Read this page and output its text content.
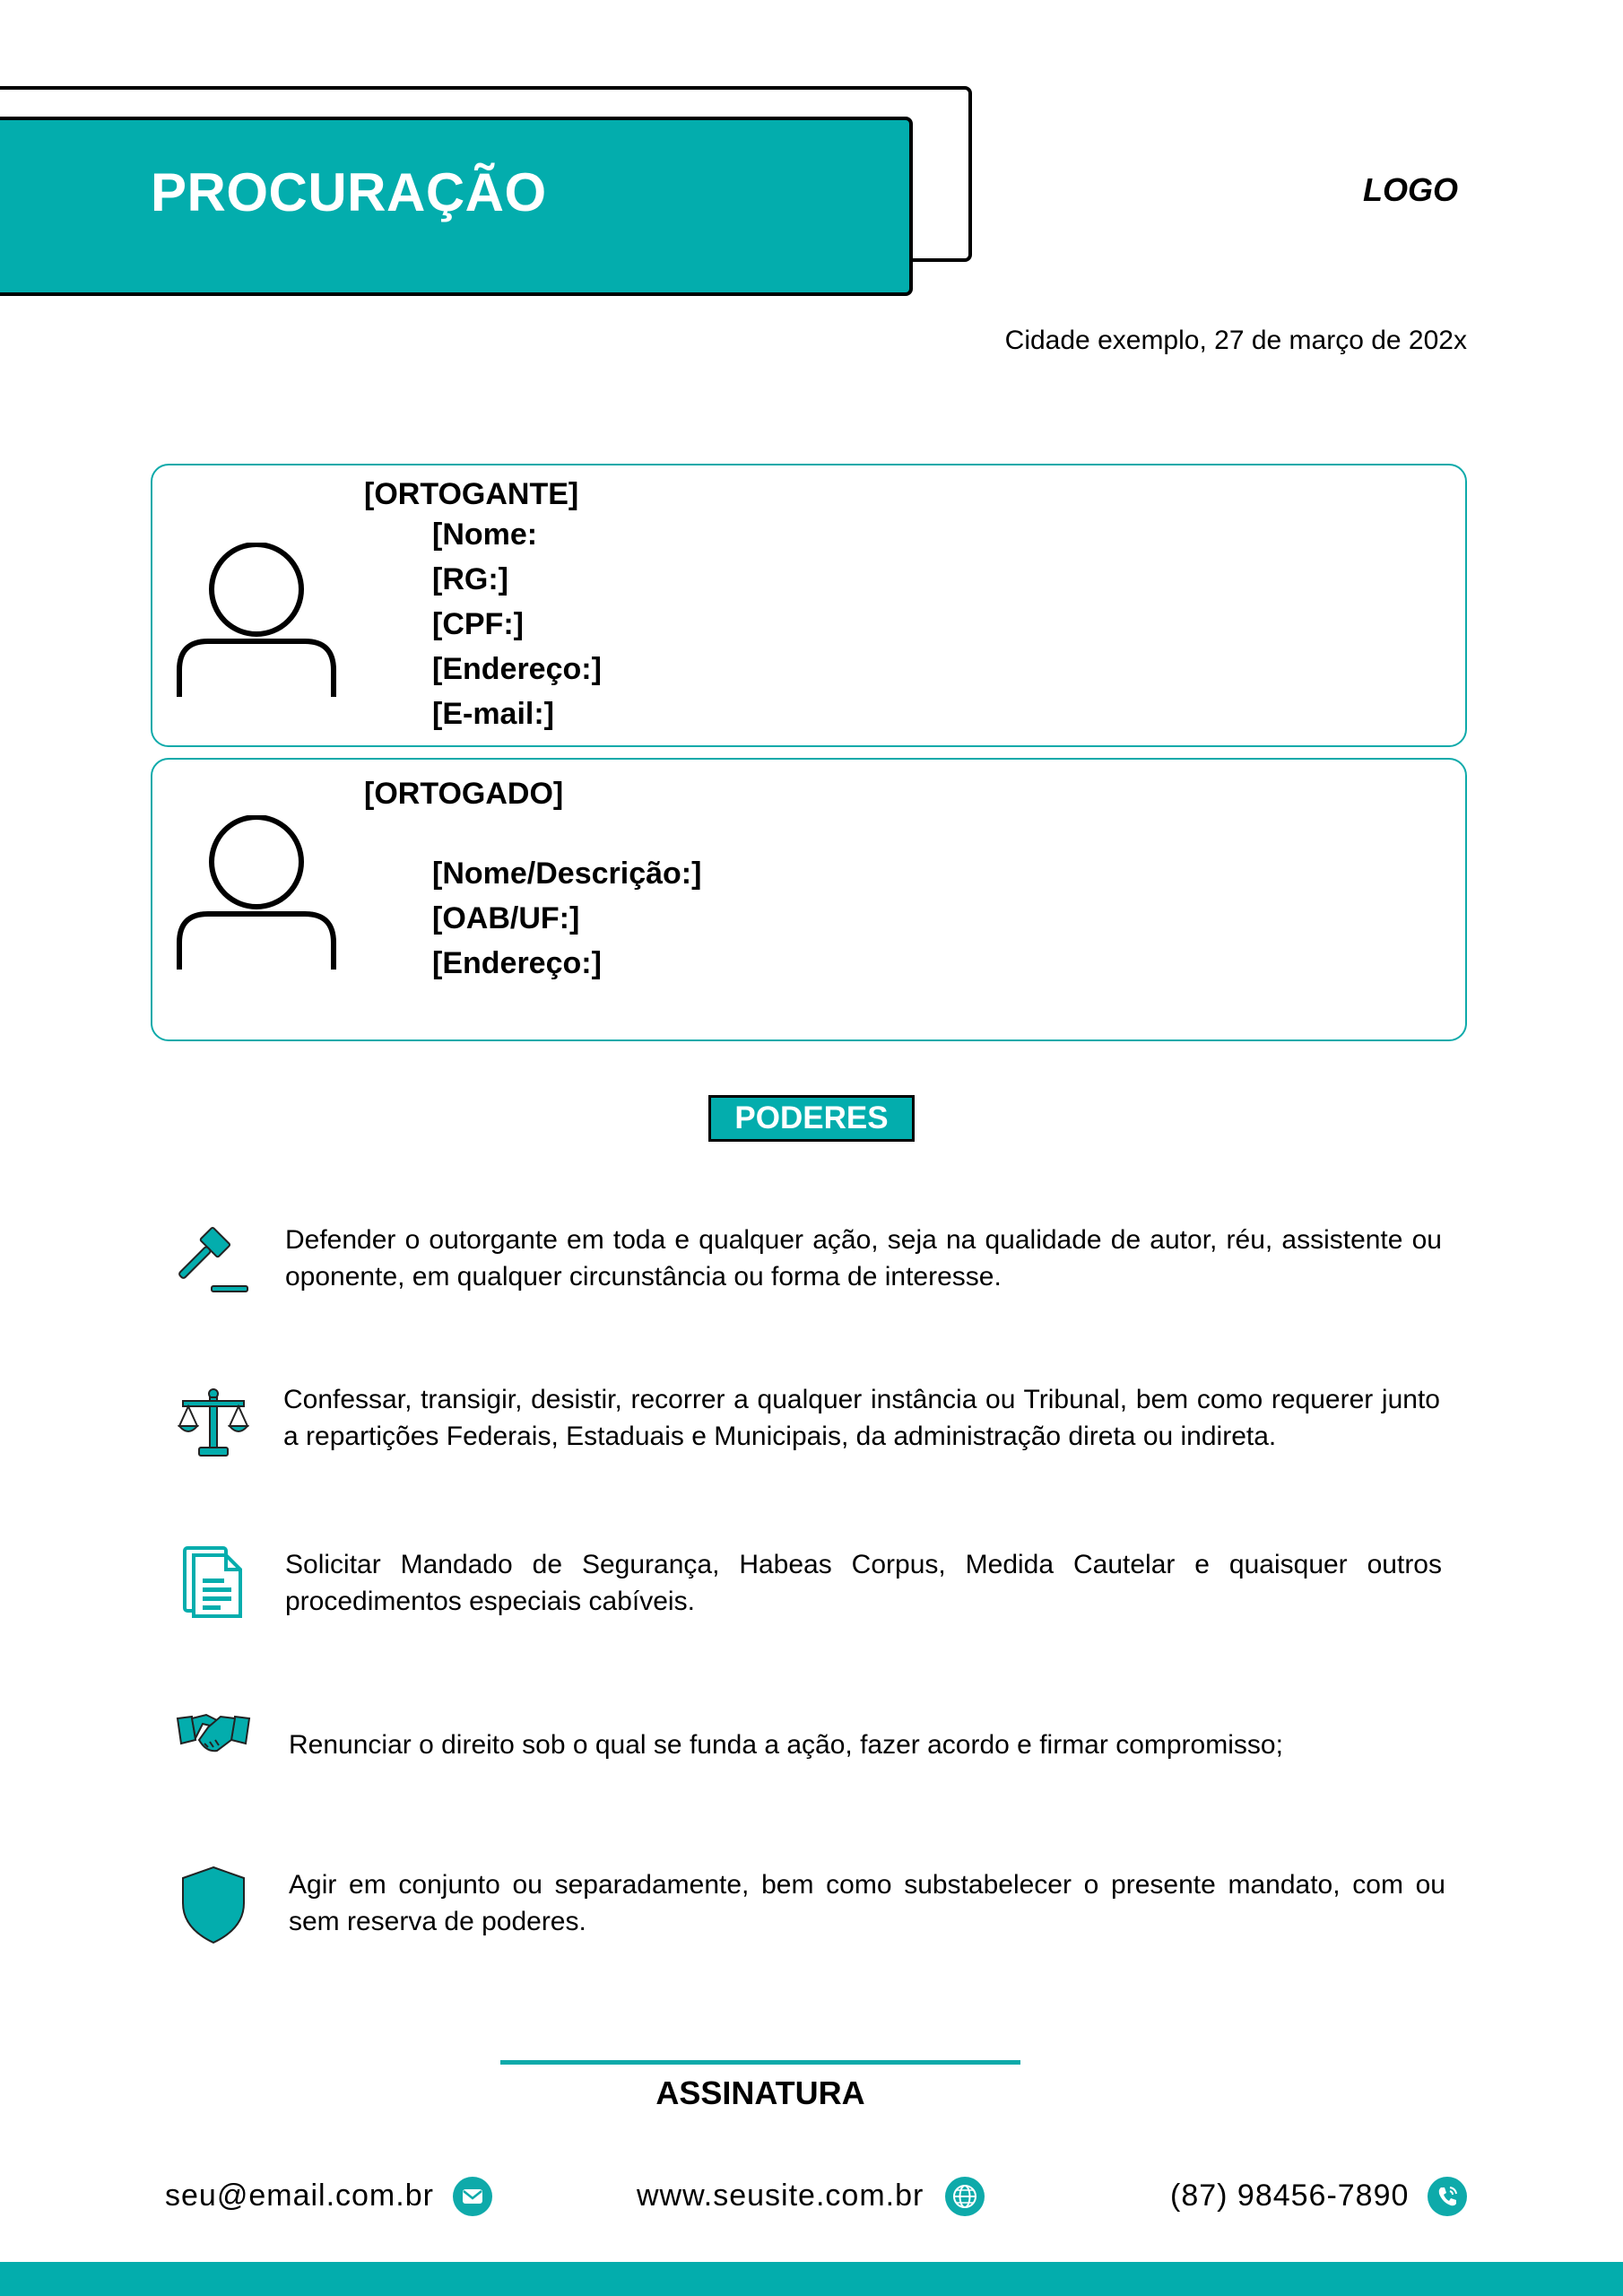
PROCURAÇÃO	LOGO
Cidade exemplo, 27 de março de 202x
[ORTOGANTE]
[Nome:
[RG:]
[CPF:]
[Endereço:]
[E-mail:]
[ORTOGADO]
[Nome/Descrição:]
[OAB/UF:]
[Endereço:]
PODERES
Defender o outorgante em toda e qualquer ação, seja na qualidade de autor, réu, assistente ou oponente, em qualquer circunstância ou forma de interesse.
Confessar, transigir, desistir, recorrer a qualquer instância ou Tribunal, bem como requerer junto a repartições Federais, Estaduais e Municipais, da administração direta ou indireta.
Solicitar Mandado de Segurança, Habeas Corpus, Medida Cautelar e quaisquer outros procedimentos especiais cabíveis.
Renunciar o direito sob o qual se funda a ação, fazer acordo e firmar compromisso;
Agir em conjunto ou separadamente, bem como substabelecer o presente mandato, com ou sem reserva de poderes.
ASSINATURA
seu@email.com.br	www.seusite.com.br	(87) 98456-7890
